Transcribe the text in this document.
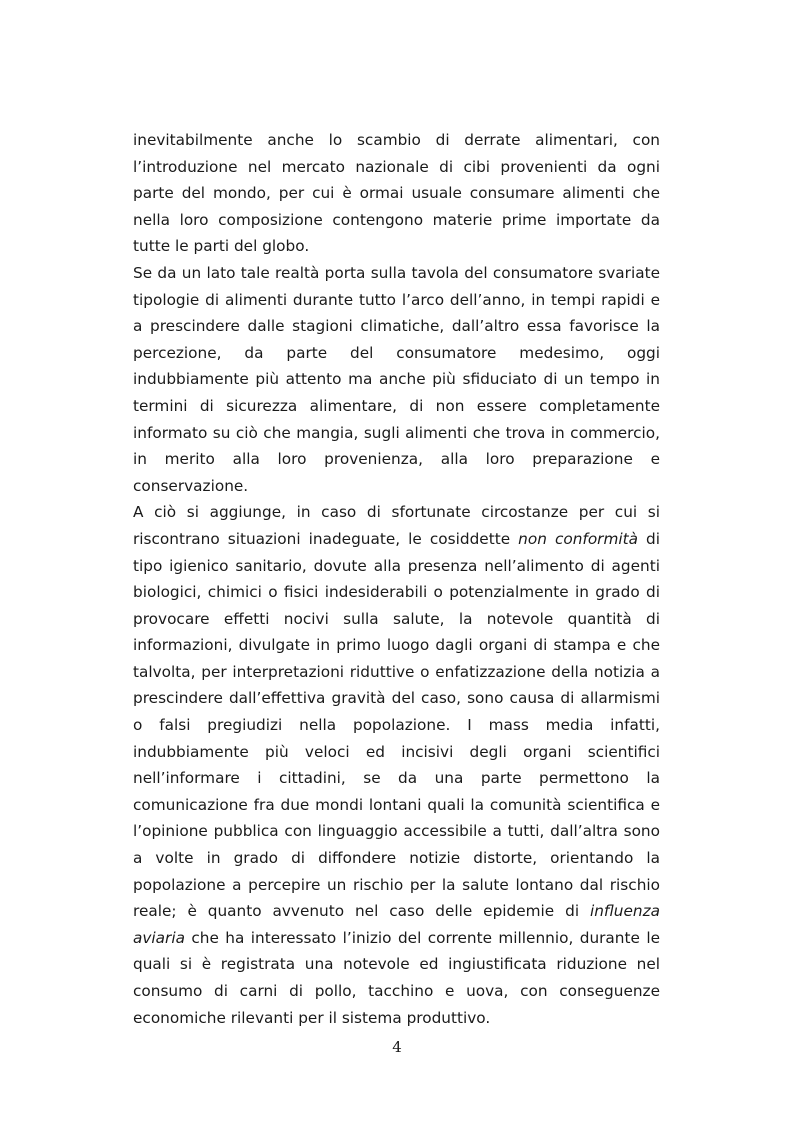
inevitabilmente anche lo scambio di derrate alimentari, con l’introduzione nel mercato nazionale di cibi provenienti da ogni parte del mondo, per cui è ormai usuale consumare alimenti che nella loro composizione contengono materie prime importate da tutte le parti del globo.

Se da un lato tale realtà porta sulla tavola del consumatore svariate tipologie di alimenti durante tutto l’arco dell’anno, in tempi rapidi e a prescindere dalle stagioni climatiche, dall’altro essa favorisce la percezione, da parte del consumatore medesimo, oggi indubbiamente più attento ma anche più sfiduciato di un tempo in termini di sicurezza alimentare, di non essere completamente informato su ciò che mangia, sugli alimenti che trova in commercio, in merito alla loro provenienza, alla loro preparazione e conservazione.

A ciò si aggiunge, in caso di sfortunate circostanze per cui si riscontrano situazioni inadeguate, le cosiddette non conformità di tipo igienico sanitario, dovute alla presenza nell’alimento di agenti biologici, chimici o fisici indesiderabili o potenzialmente in grado di provocare effetti nocivi sulla salute, la notevole quantità di informazioni, divulgate in primo luogo dagli organi di stampa e che talvolta, per interpretazioni riduttive o enfatizzazione della notizia a prescindere dall’effettiva gravità del caso, sono causa di allarmismi o falsi pregiudizi nella popolazione. I mass media infatti, indubbiamente più veloci ed incisivi degli organi scientifici nell’informare i cittadini, se da una parte permettono la comunicazione fra due mondi lontani quali la comunità scientifica e l’opinione pubblica con linguaggio accessibile a tutti, dall’altra sono a volte in grado di diffondere notizie distorte, orientando la popolazione a percepire un rischio per la salute lontano dal rischio reale; è quanto avvenuto nel caso delle epidemie di influenza aviaria che ha interessato l’inizio del corrente millennio, durante le quali si è registrata una notevole ed ingiustificata riduzione nel consumo di carni di pollo, tacchino e uova, con conseguenze economiche rilevanti per il sistema produttivo.

4
